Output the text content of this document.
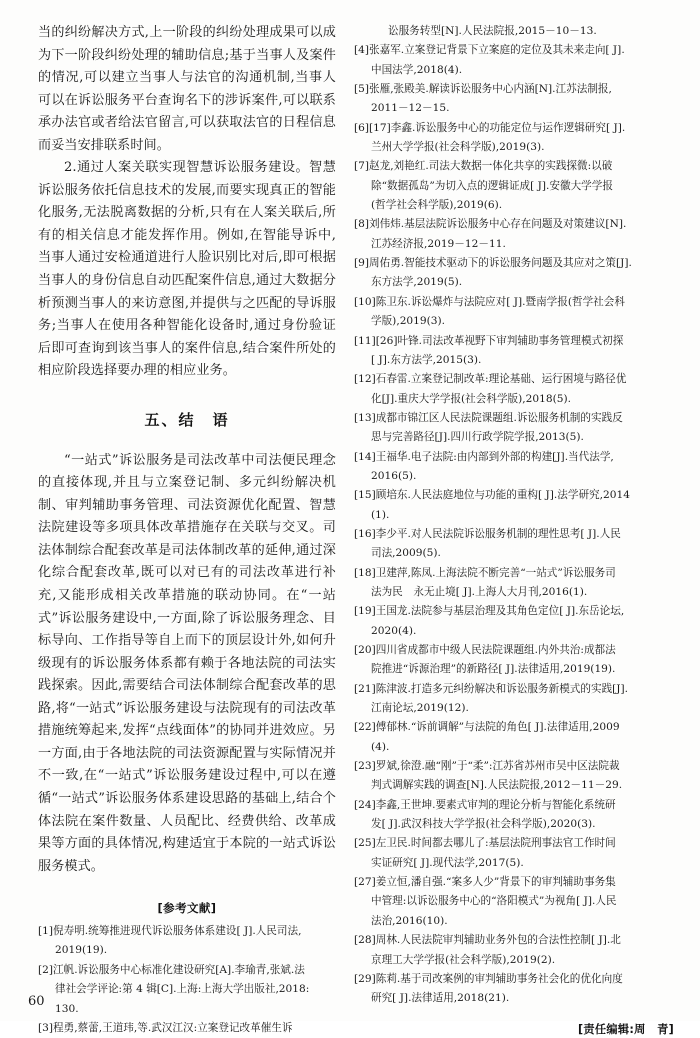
当的纠纷解决方式,上一阶段的纠纷处理成果可以成为下一阶段纠纷处理的辅助信息;基于当事人及案件的情况,可以建立当事人与法官的沟通机制,当事人可以在诉讼服务平台查询名下的涉诉案件,可以联系承办法官或者给法官留言,可以获取法官的日程信息而妥当安排联系时间。

2.通过人案关联实现智慧诉讼服务建设。智慧诉讼服务依托信息技术的发展,而要实现真正的智能化服务,无法脱离数据的分析,只有在人案关联后,所有的相关信息才能发挥作用。例如,在智能导诉中,当事人通过安检通道进行人脸识别比对后,即可根据当事人的身份信息自动匹配案件信息,通过大数据分析预测当事人的来访意图,并提供与之匹配的导诉服务;当事人在使用各种智能化设备时,通过身份验证后即可查询到该当事人的案件信息,结合案件所处的相应阶段选择要办理的相应业务。

五、结　语

“一站式”诉讼服务是司法改革中司法便民理念的直接体现,并且与立案登记制、多元纠纷解决机制、审判辅助事务管理、司法资源优化配置、智慧法院建设等多项具体改革措施存在关联与交叉。司法体制综合配套改革是司法体制改革的延伸,通过深化综合配套改革,既可以对已有的司法改革进行补充,又能形成相关改革措施的联动协同。在“一站式”诉讼服务建设中,一方面,除了诉讼服务理念、目标导向、工作指导等自上而下的顶层设计外,如何升级现有的诉讼服务体系都有赖于各地法院的司法实践探索。因此,需要结合司法体制综合配套改革的思路,将“一站式”诉讼服务建设与法院现有的司法改革措施统筹起来,发挥“点线面体”的协同并进效应。另一方面,由于各地法院的司法资源配置与实际情况并不一致,在“一站式”诉讼服务建设过程中,可以在遵循“一站式”诉讼服务体系建设思路的基础上,结合个体法院在案件数量、人员配比、经费供给、改革成果等方面的具体情况,构建适宜于本院的一站式诉讼服务模式。

[参考文献]

[1]倪寿明.统筹推进现代诉讼服务体系建设[ J].人民司法,

2019(19).

[2]江帆.诉讼服务中心标准化建设研究[A].李瑜青,张斌.法

律社会学评论:第 4 辑[C].上海:上海大学出版社,2018:

130.

[3]程勇,蔡蕾,王道玮,等.武汉江汉:立案登记改革催生诉

讼服务转型[N].人民法院报,2015－10－13.

[4]张嘉军.立案登记背景下立案庭的定位及其未来走向[ J].

中国法学,2018(4).

[5]张雁,张殿美.解读诉讼服务中心内涵[N].江苏法制报,

2011－12－15.

[6][17]李鑫.诉讼服务中心的功能定位与运作逻辑研究[ J].

兰州大学学报(社会科学版),2019(3).

[7]赵龙,刘艳红.司法大数据一体化共享的实践探微:以破

除“数据孤岛”为切入点的逻辑证成[ J].安徽大学学报

(哲学社会科学版),2019(6).

[8]刘伟炜.基层法院诉讼服务中心存在问题及对策建议[N].

江苏经济报,2019－12－11.

[9]周佑勇.智能技术驱动下的诉讼服务问题及其应对之策[J].

东方法学,2019(5).

[10]陈卫东.诉讼爆炸与法院应对[ J].暨南学报(哲学社会科

学版),2019(3).

[11][26]叶锋.司法改革视野下审判辅助事务管理模式初探

[ J].东方法学,2015(3).

[12]石春雷.立案登记制改革:理论基础、运行困境与路径优

化[J].重庆大学学报(社会科学版),2018(5).

[13]成都市锦江区人民法院课题组.诉讼服务机制的实践反

思与完善路径[J].四川行政学院学报,2013(5).

[14]王福华.电子法院:由内部到外部的构建[J].当代法学,

2016(5).

[15]顾培东.人民法庭地位与功能的重构[ J].法学研究,2014

(1).

[16]李少平.对人民法院诉讼服务机制的理性思考[ J].人民

司法,2009(5).

[18]卫建萍,陈凤.上海法院不断完善“一站式”诉讼服务司

法为民　永无止境[ J].上海人大月刊,2016(1).

[19]王国龙.法院参与基层治理及其角色定位[ J].东岳论坛,

2020(4).

[20]四川省成都市中级人民法院课题组.内外共治:成都法

院推进“诉源治理”的新路径[ J].法律适用,2019(19).

[21]陈津波.打造多元纠纷解决和诉讼服务新模式的实践[J].

江南论坛,2019(12).

[22]傅郁林.“诉前调解”与法院的角色[ J].法律适用,2009

(4).

[23]罗斌,徐澄.融“刚”于“柔”:江苏省苏州市吴中区法院裁

判式调解实践的调查[N].人民法院报,2012－11－29.

[24]李鑫,王世坤.要素式审判的理论分析与智能化系统研

发[ J].武汉科技大学学报(社会科学版),2020(3).

[25]左卫民.时间都去哪儿了:基层法院刑事法官工作时间

实证研究[ J].现代法学,2017(5).

[27]姜立恒,潘自强.“案多人少”背景下的审判辅助事务集

中管理:以诉讼服务中心的“洛阳模式”为视角[ J].人民

法治,2016(10).

[28]周林.人民法院审判辅助业务外包的合法性控制[ J].北

京理工大学学报(社会科学版),2019(2).

[29]陈莉.基于司改案例的审判辅助事务社会化的优化向度

研究[ J].法律适用,2018(21).

[责任编辑:周　青]
60
